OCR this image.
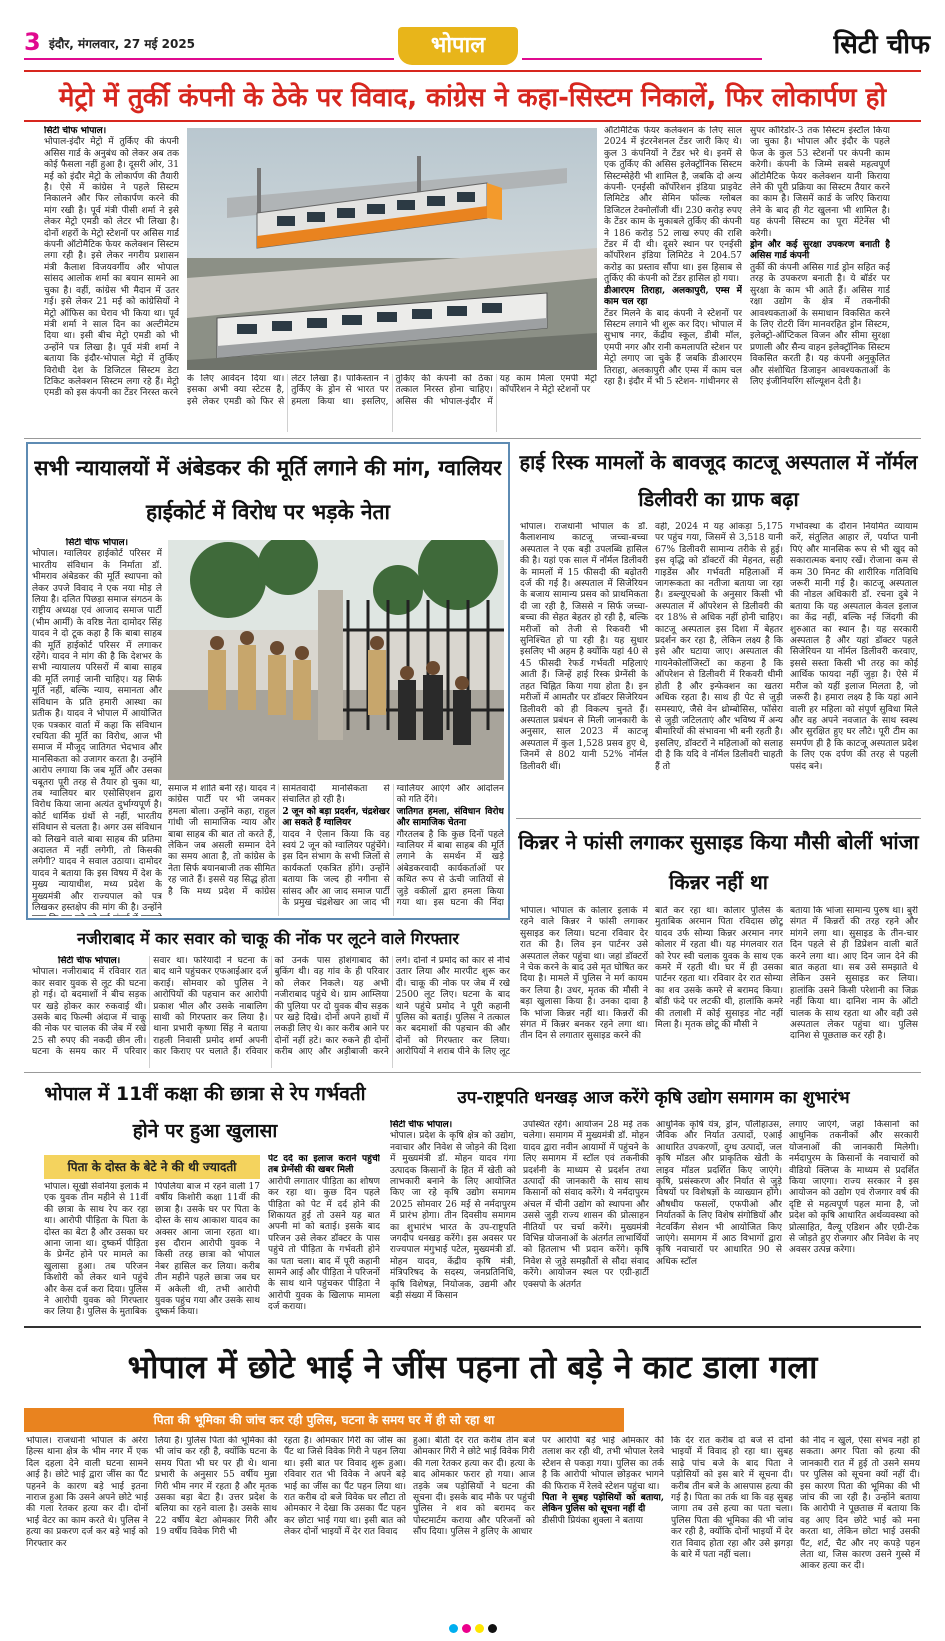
3 इंदौर, मंगलवार, 27 मई 2025	भोपाल	सिटी चीफ
मेट्रो में तुर्की कंपनी के ठेके पर विवाद, कांग्रेस ने कहा-सिस्टम निकालें, फिर लोकार्पण हो
सिटी चीफ भोपाल।
भोपाल-इंदौर मेट्रो में तुर्किए की कंपनी असिस गार्ड के अनुबंध को लेकर अब तक कोई फैसला नहीं हुआ है। दूसरी ओर, 31 मई को इंदौर मेट्रो के लोकार्पण की तैयारी है। ऐसे में कांग्रेस ने पहले सिस्टम निकालने और फिर लोकार्पण करने की मांग रखी है। पूर्व मंत्री पीसी शर्मा ने इसे लेकर मेट्रो एमडी को लेटर भी लिखा है। दोनों शहरों के मेट्रो स्टेशनों पर असिस गार्ड कंपनी ऑटोमैटिक फेयर कलेक्शन सिस्टम लगा रही है। इसे लेकर नगरीय प्रशासन मंत्री कैलाश विजयवर्गीय और भोपाल सांसद आलोक शर्मा का बयान सामने आ चुका है। वहीं, कांग्रेस भी मैदान में उतर गई। इसे लेकर 21 मई को कांग्रेसियों ने मेट्रो ऑफिस का घेराव भी किया था। पूर्व मंत्री शर्मा ने साल दिन का अल्टीमेटम दिया था। इसी बीच मेट्रो एमडी को भी उन्होंने पत्र लिखा है। पूर्व मंत्री शर्मा ने बताया कि इंदौर-भोपाल मेट्रो में तुर्किए विरोधी देश के डिजिटल सिस्टम डेटा टिकिट कलेक्शन सिस्टम लगा रहे हैं। मेट्रो एमडी को इस कंपनी का टेंडर निरस्त करने
के लिए आवेदन दिया था। इसका अभी क्या स्टेटस है, इसे लेकर एमडी को फिर से लेटर लिखा है। पाकिस्तान ने तुर्किए के ड्रोन से भारत पर हमला किया था। इसलिए, तुर्किए की कंपनी को ठेका तत्काल निरस्त होना चाहिए। असिस की भोपाल-इंदौर में यह काम मिला एमपी मेट्रो कॉर्पोरेशन ने मेट्रो स्टेशनों पर
ऑटोमैटिक फेयर कलेक्शन के लिए साल 2024 में इंटरनेशनल टेंडर जारी किए थे। कुल 3 कंपनियों ने टेंडर भरे थे। इनमें से एक तुर्किए की असिस इलेक्ट्रॉनिक सिस्टम सिस्टम्सेहेरी भी शामिल है, जबकि दो अन्य कंपनी- एनईसी कॉर्पोरेशन इंडिया प्राइवेट लिमिटेड और सेमिन फॉल्क ग्लोबल डिजिटल टेक्नोलॉजी थीं। 230 करोड़ रुपए के टेंडर काम के मुकाबले तुर्किए की कंपनी ने 186 करोड़ 52 लाख रुपए की राशि टेंडर में दी थी। दूसरे स्थान पर एनईसी कॉर्पोरेशन इंडिया लिमिटेड ने 204.57 करोड़ का प्रस्ताव सौंपा था। इस हिसाब से तुर्किए की कंपनी को टेंडर हासिल हो गया।
डीआरएम तिराहा, अलकापुरी, एम्स में काम चल रहा
टेंडर मिलने के बाद कंपनी ने स्टेशनों पर सिस्टम लगाने भी शुरू कर दिए। भोपाल में सुभाष नगर, केंद्रीय स्कूल, डीबी मॉल, एमपी नगर और रानी कमलापति स्टेशन पर मेट्रो लगाए जा चुके हैं जबकि डीआरएम तिराहा, अलकापुरी और एम्स में काम चल रहा है। इंदौर में भी 5 स्टेशन- गांधीनगर से
सुपर कॉरिडोर-3 तक सिस्टम इंस्टॉल किया जा चुका है। भोपाल और इंदौर के पहले फेज के कुल 53 स्टेशनों पर कंपनी काम करेगी। कंपनी के जिम्मे सबसे महत्वपूर्ण ऑटोमैटिक फेयर कलेक्शन यानी किराया लेने की पूरी प्रक्रिया का सिस्टम तैयार करने का काम है। जिसमें कार्ड के जरिए किराया लेने के बाद ही गेट खुलना भी शामिल है। यह कंपनी सिस्टम का पूरा मेंटेनेंस भी करेगी।
ड्रोन और कई सुरक्षा उपकरण बनाती है असिस गार्ड कंपनी
तुर्की की कंपनी असिस गार्ड ड्रोन सहित कई तरह के उपकरण बनाती है। ये बॉर्डर पर सुरक्षा के काम भी आते हैं। असिस गार्ड रक्षा उद्योग के क्षेत्र में तकनीकी आवश्यकताओं के समाधान विकसित करने के लिए रोटरी विंग मानवरहित ड्रोन सिस्टम, इलेक्ट्रो-ऑप्टिकल विजन और सीमा सुरक्षा प्रणाली और सैन्य वाहन इलेक्ट्रॉनिक सिस्टम विकसित करती है। यह कंपनी अनुकूलित और संशोधित डिजाइन आवश्यकताओं के लिए इंजीनियरिंग सॉल्यूशन देती है।
सभी न्यायालयों में अंबेडकर की मूर्ति लगाने की मांग, ग्वालियर हाईकोर्ट में विरोध पर भड़के नेता
सिटी चीफ भोपाल।
भोपाल। ग्वालियर हाईकोर्ट परिसर में भारतीय संविधान के निर्माता डॉ. भीमराव अंबेडकर की मूर्ति स्थापना को लेकर उपजे विवाद ने एक नया मोड़ ले लिया है। दलित पिछड़ा समाज संगठन के राष्ट्रीय अध्यक्ष एवं आजाद समाज पार्टी (भीम आर्मी) के वरिष्ठ नेता दामोदर सिंह यादव ने दो टूक कहा है कि बाबा साहब की मूर्ति हाईकोर्ट परिसर में लगाकर रहेंगे। यादव ने मांग की है कि देशभर के सभी न्यायालय परिसरों में बाबा साहब की मूर्ति लगाई जानी चाहिए। यह सिर्फ मूर्ति नहीं, बल्कि न्याय, समानता और संविधान के प्रति हमारी आस्था का प्रतीक है। यादव ने भोपाल में आयोजित एक पत्रकार वार्ता में कहा कि संविधान रचयिता की मूर्ति का विरोध, आज भी समाज में मौजूद जातिगत भेदभाव और मानसिकता को उजागर करता है। उन्होंने आरोप लगाया कि जब मूर्ति और उसका चबूतरा पूरी तरह से तैयार हो चुका था, तब ग्वालियर बार एसोसिएशन द्वारा विरोध किया जाना अत्यंत दुर्भाग्यपूर्ण है। कोर्ट धार्मिक ग्रंथों से नहीं, भारतीय संविधान से चलता है। अगर उस संविधान को लिखने वाले बाबा साहब की प्रतिमा अदालत में नहीं लगेगी, तो किसकी लगेगी? यादव ने सवाल उठाया। दामोदर यादव ने बताया कि इस विषय में देश के मुख्य न्यायाधीश, मध्य प्रदेश के मुख्यमंत्री और राज्यपाल को पत्र लिखकर हस्तक्षेप की मांग की है। उन्होंने
समाज में शांति बनी रहे। यादव ने कांग्रेस पार्टी पर भी जमकर हमला बोला। उन्होंने कहा, राहुल गांधी जी सामाजिक न्याय और बाबा साहब की बात तो करते हैं, लेकिन जब असली सम्मान देने का समय आता है, तो कांग्रेस के नेता सिर्फ बयानबाजी तक सीमित रह जाते हैं। इससे यह सिद्ध होता है कि मध्य प्रदेश में कांग्रेस सामंतवादी मानसिकता से संचालित हो रही है।
2 जून को बड़ा प्रदर्शन, चंद्रशेखर आ सकते हैं ग्वालियर
यादव ने ऐलान किया कि वह स्वयं 2 जून को ग्वालियर पहुंचेंगे। इस दिन संभाग के सभी जिलों से कार्यकर्ता एकत्रित होंगे। उन्होंने बताया कि जल्द ही नगीना से सांसद और आ जाद समाज पार्टी के प्रमुख चंद्रशेखर आ जाद भी ग्वालियर आएंगे और आंदोलन को गति देंगे।
जातिगत हमला, संविधान विरोध और सामाजिक चेतना
गौरतलब है कि कुछ दिनों पहले ग्वालियर में बाबा साहब की मूर्ति लगाने के समर्थन में खड़े अंबेडकरवादी कार्यकर्ताओं पर कथित रूप से ऊंची जातियों से जुड़े वकीलों द्वारा हमला किया गया था। इस घटना की निंदा
हाई रिस्क मामलों के बावजूद काटजू अस्पताल में नॉर्मल डिलीवरी का ग्राफ बढ़ा
भोपाल। राजधानी भोपाल के डॉ. कैलाशनाथ काटजू जच्चा-बच्चा अस्पताल ने एक बड़ी उपलब्धि हासिल की है। यहां एक साल में नॉर्मल डिलीवरी के मामलों में 15 फीसदी की बढ़ोतरी दर्ज की गई है। अस्पताल में सिजेरियन के बजाय सामान्य प्रसव को प्राथमिकता दी जा रही है, जिससे न सिर्फ जच्चा-बच्चा की सेहत बेहतर हो रही है, बल्कि मरीजों को तेजी से रिकवरी भी सुनिश्चित हो पा रही है। यह सुधार इसलिए भी अहम है क्योंकि यहां 40 से 45 फीसदी रेफर्ड गर्भवती महिलाएं आती हैं। जिन्हें हाई रिस्क प्रेग्नेंसी के तहत चिह्नित किया गया होता है। इन मरीजों में आमतौर पर डॉक्टर सिजेरियन डिलीवरी को ही विकल्प चुनते हैं। अस्पताल प्रबंधन से मिली जानकारी के अनुसार, साल 2023 में काटजू अस्पताल में कुल 1,528 प्रसव हुए थे, जिनमें से 802 यानी 52% नॉर्मल डिलीवरी थीं।
वहीं, 2024 में यह आंकड़ा 5,175 पर पहुंच गया, जिसमें से 3,518 यानी 67% डिलीवरी सामान्य तरीके से हुई। इस वृद्धि को डॉक्टरों की मेहनत, सही गाइडेंस और गर्भवती महिलाओं में जागरूकता का नतीजा बताया जा रहा है। डब्ल्यूएचओ के अनुसार किसी भी अस्पताल में ऑपरेशन से डिलीवरी की दर 18% से अधिक नहीं होनी चाहिए। काटजू अस्पताल इस दिशा में बेहतर प्रदर्शन कर रहा है, लेकिन लक्ष्य है कि इसे और घटाया जाए। अस्पताल की गायनेकोलॉजिस्टों का कहना है कि ऑपरेशन से डिलीवरी में रिकवरी धीमी होती है और इन्फेक्शन का खतरा अधिक रहता है। साथ ही पेट से जुड़ी समस्याएं, जैसे वेन थ्रोम्बोसिस, फॉसेरा से जुड़ी जटिलताएं और भविष्य में अन्य बीमारियों की संभावना भी बनी रहती है। इसलिए, डॉक्टरों ने महिलाओं को सलाह दी है कि यदि वे नॉर्मल डिलीवरी चाहती हैं तो
गर्भावस्था के दौरान नियमित व्यायाम करें, संतुलित आहार लें, पर्याप्त पानी पिएं और मानसिक रूप से भी खुद को सकारात्मक बनाए रखें। रोजाना कम से कम 30 मिनट की शारीरिक गतिविधि जरूरी मानी गई है। काटजू अस्पताल की नोडल अधिकारी डॉ. रचना दुबे ने बताया कि यह अस्पताल केवल इलाज का केंद्र नहीं, बल्कि नई जिंदगी की शुरुआत का स्थान है। यह सरकारी अस्पताल है और यहां डॉक्टर पहले सिजेरियन या नॉर्मल डिलीवरी करवाए, इससे सस्ता किसी भी तरह का कोई आर्थिक फायदा नहीं जुड़ा है। ऐसे में मरीज को यहीं इलाज मिलता है, जो जरूरी है। हमारा लक्ष्य है कि यहां आने वाली हर महिला को संपूर्ण सुविधा मिले और वह अपने नवजात के साथ स्वस्थ और सुरक्षित हुए घर लौटे। पूरी टीम का समर्पण ही है कि काटजू अस्पताल प्रदेश के लिए एक दर्पण की तरह से पहली पसंद बने।
किन्नर ने फांसी लगाकर सुसाइड किया मौसी बोलीं भांजा किन्नर नहीं था
भोपाल। भोपाल के कोलार इलाके में रहने वाले किन्नर ने फांसी लगाकर सुसाइड कर लिया। घटना रविवार देर रात की है। लिव इन पार्टनर उसे अस्पताल लेकर पहुंचा था। जहां डॉक्टरों ने चेक करने के बाद उसे मृत घोषित कर दिया है। मामले में पुलिस ने मर्ग कायम कर लिया है। उधर, मृतक की मौसी ने बड़ा खुलासा किया है। उनका दावा है कि भांजा किन्नर नहीं था। किन्नरों की संगत में किन्नर बनकर रहने लगा था। तीन दिन से लगातार सुसाइड करने की
बातें कर रहा था। कोलार पुलिस के मुताबिक अरमान पिता रविदास छोटू यादव उर्फ सोम्या किन्नर अरमान नगर कोलार में रहता थी। यह मंगलवार रात को रेपर स्वी चलाक युवक के साथ एक कमरे में रहती थी। घर में ही उसका पार्टनर रहता था। रविवार देर रात सोम्या का शव उसके कमरे से बरामद किया। बॉडी फंदे पर लटकी थी, हालांकि कमरे की तलाशी में कोई सुसाइड नोट नहीं मिला है। मृतक छोटू की मौसी ने
बताया कि भांजा सामान्य पुरुष था। बुरी संगत में किन्नरों की तरह रहने और मांगने लगा था। सुसाइड के तीन-चार दिन पहले से ही डिप्रेशन वाली बातें करने लगा था। आए दिन जान देने की बात कहता था। सब उसे समझाते थे लेकिन उसने सुसाइड कर लिया। हालांकि उसने किसी परेशानी का जिक्र नहीं किया था। दानिश नाम के ऑटो चालक के साथ रहता था और वही उसे अस्पताल लेकर पहुंचा था। पुलिस दानिश से पूछताछ कर रही है।
नजीराबाद में कार सवार को चाकू की नोंक पर लूटने वाले गिरफ्तार
सिटी चीफ भोपाल।
भोपाल। नजीराबाद में रविवार रात कार सवार युवक से लूट की घटना हो गई। दो बदमाशों ने बीच सड़क पर खड़े होकर कार रुकवाई थी। उसके बाद फिल्मी अंदाज में चाकू की नोक पर चालक की जेब में रखे 25 सौ रुपए की नकदी छीन ली। घटना के समय कार में परिवार सवार था। फरियादी ने घटना के बाद थाने पहुंचकर एफआईआर दर्ज कराई। सोमवार को पुलिस ने आरोपियों की पहचान कर आरोपी प्रकाश भील और उसके नाबालिग साथी को गिरफ्तार कर लिया है। थाना प्रभारी कृष्णा सिंह ने बताया राहली निवासी प्रमोद शर्मा अपनी कार किराए पर चलाते हैं। रविवार को उनके पास होशंगाबाद की बुकिंग थी। वह गांव के ही परिवार को लेकर निकले। यह अभी नजीराबाद पहुंचे थे। ग्राम आम्लिया की पुलिया पर दो युवक बीच सड़क पर खड़े दिखे। दोनों अपने हाथों में लकड़ी लिए थे। कार करीब आने पर दोनों नहीं हटे। कार रुकने ही दोनों करीब आए और अड़ीबाजी करने लगे। दोनों ने प्रमोद को कार से नीचे उतार लिया और मारपीट शुरू कर दी। चाकू की नोक पर जेब में रखे 2500 लूट लिए। घटना के बाद थाने पहुंचे प्रमोद ने पूरी कहानी पुलिस को बताई। पुलिस ने तत्काल कर बदमाशों की पहचान की और दोनों को गिरफ्तार कर लिया। आरोपियों ने शराब पीने के लिए लूट
भोपाल में 11वीं कक्षा की छात्रा से रेप गर्भवती होने पर हुआ खुलासा
पिता के दोस्त के बेटे ने की थी ज्यादती
भोपाल। सूखी सेवनिया इलाके में एक युवक तीन महीने से 11वीं की छात्रा के साथ रेप कर रहा था। आरोपी पीड़िता के पिता के दोस्त का बेटा है और उसका घर आना जाना था। दुष्कर्म पीड़िता के प्रेग्नेंट होने पर मामले का खुलासा हुआ। तब परिजन किशोरी को लेकर थाने पहुंचे और केस दर्ज करा दिया। पुलिस ने आरोपी युवक को गिरफ्तार कर लिया है। पुलिस के मुताबिक
पिपलिया बाज में रहने वाली 17 वर्षीय किशोरी कक्षा 11वीं की छात्रा है। उसके घर पर पिता के दोस्त के साथ आकाश यादव का अक्सर आना जाना रहता था। इस दौरान आरोपी युवक ने किसी तरह छात्रा को भोपाल नेबर हासिल कर लिया। करीब तीन महीने पहले छात्रा जब घर में अकेली थी, तभी आरोपी युवक पहुंच गया और उसके साथ दुष्कर्म किया।
पेट दर्द का इलाज कराने पहुंची तब प्रेग्नेंसी की खबर मिली
आरोपी लगातार पीड़िता का शोषण कर रहा था। कुछ दिन पहले पीड़िता को पेट में दर्द होने की शिकायत हुई तो उसने यह बात अपनी मां को बताई। इसके बाद परिजन उसे लेकर डॉक्टर के पास पहुंचे तो पीड़िता के गर्भवती होने का पता चला। बाद में पूरी कहानी सामने आई और पीड़िता ने परिजनों के साथ थाने पहुंचकर पीड़िता ने आरोपी युवक के खिलाफ मामला दर्ज कराया।
उप-राष्ट्रपति धनखड़ आज करेंगे कृषि उद्योग समागम का शुभारंभ
सिटी चीफ भोपाल।
भोपाल। प्रदेश के कृषि क्षेत्र को उद्योग, नवाचार और निवेश से जोड़ने की दिशा में मुख्यमंत्री डॉ. मोहन यादव गंगा उत्पादक किसानों के हित में खेती को लाभकारी बनाने के लिए आयोजित किए जा रहे कृषि उद्योग समागम 2025 सोमवार 26 मई से नर्मदापुरम में प्रारंभ होगा। तीन दिवसीय समागम का शुभारंभ भारत के उप-राष्ट्रपति जगदीप धनखड़ करेंगे। इस अवसर पर राज्यपाल मंगुभाई पटेल, मुख्यमंत्री डॉ. मोहन यादव, केंद्रीय कृषि मंत्री, मंत्रिपरिषद के सदस्य, जनप्रतिनिधि, कृषि विशेषज्ञ, नियोजक, उद्यमी और बड़ी संख्या में किसान
उपस्थित रहेंगे। आयोजन 28 मई तक चलेगा। समागम में मुख्यमंत्री डॉ. मोहन यादव द्वारा नवीन आयामों में पहुंचने के लिए समागम में स्टॉल एवं तकनीकी प्रदर्शनी के माध्यम से प्रदर्शन तथा उत्पादों की जानकारी के साथ साथ किसानों को संवाद करेंगे। ये नर्मदापुरम अंचल में चीनी उद्योग को स्थापना और उससे जुड़ी राज्य शासन की प्रोत्साहन नीतियों पर चर्चा करेंगे। मुख्यमंत्री विभिन्न योजनाओं के अंतर्गत लाभार्थियों को हितलाभ भी प्रदान करेंगे। कृषि निवेश से जुड़े समझौतों से सौदा संवाद करेंगे। आयोजन स्थल पर एग्री-हार्टी एक्सपो के अंतर्गत
आधुनिक कृषि यंत्र, ड्रोन, पॉलीहाउस, जैविक और निर्यात उत्पादों, एआई आधारित उपकरणों, दुग्ध उत्पादों, जल कृषि मॉडल और प्राकृतिक खेती के लाइव मॉडल प्रदर्शित किए जाएंगे। कृषि, प्रसंस्करण और निर्यात से जुड़े विषयों पर विशेषज्ञों के व्याख्यान होंगे। औषधीय फसलों, एफपीओ और निर्यातकों के लिए विशेष संगोष्ठियों और नेटवर्किंग सेशन भी आयोजित किए जाएंगे। समागम में आठ विभागों द्वारा कृषि नवाचारों पर आधारित 90 से अधिक स्टॉल
लगाए जाएंगे, जहां किसानों को आधुनिक तकनीकों और सरकारी योजनाओं की जानकारी मिलेगी। नर्मदापुरम के किसानों के नवाचारों को वीडियो क्लिप्स के माध्यम से प्रदर्शित किया जाएगा। राज्य सरकार ने इस आयोजन को उद्योग एवं रोजगार वर्ष की दृष्टि से महत्वपूर्ण पहल माना है, जो प्रदेश को कृषि आधारित अर्थव्यवस्था को प्रोत्साहित, वैल्यू एडिशन और एग्री-टेक से जोड़ते हुए रोजगार और निवेश के नए अवसर उत्पन्न करेगा।
भोपाल में छोटे भाई ने जींस पहना तो बड़े ने काट डाला गला
पिता की भूमिका की जांच कर रही पुलिस, घटना के समय घर में ही सो रहा था
भोपाल। राजधानी भोपाल के अरेरा हिल्स थाना क्षेत्र के भीम नगर में एक दिल दहला देने वाली घटना सामने आई है। छोटे भाई द्वारा जींस का पैंट पहनने के कारण बड़े भाई इतना नाराज हुआ कि उसने अपने छोटे भाई की गला रेतकर हत्या कर दी। दोनों भाई वेटर का काम करते थे। पुलिस ने हत्या का प्रकरण दर्ज कर बड़े भाई को गिरफ्तार कर
लिया है। पुलिस पिता की भूमिका की भी जांच कर रही है, क्योंकि घटना के समय पिता भी घर पर ही थे। थाना प्रभारी के अनुसार 55 वर्षीय मुन्ना गिरी भीम नगर में रहता है और मृतक उसका बड़ा बेटा है। उत्तर प्रदेश के बलिया का रहने वाला है। उसके साथ 22 वर्षीय बेटा ओमकार गिरी और 19 वर्षीय विवेक गिरी भी
रहता है। ओमकार गिरी का जींस का पैंट था जिसे विवेक गिरी ने पहन लिया था। इसी बात पर विवाद शुरू हुआ। रविवार रात भी विवेक ने अपने बड़े भाई का जींस का पैंट पहन लिया था। रात करीब दो बजे विवेक घर लौटा तो ओमकार ने देखा कि उसका पैंट पहन कर छोटा भाई गया था। इसी बात को लेकर दोनों भाइयों में देर रात विवाद
हुआ। बीती देर रात करीब तीन बजे ओमकार गिरी ने छोटे भाई विवेक गिरी की गला रेतकर हत्या कर दी। हत्या के बाद ओमकार फरार हो गया। आज तड़के जब पड़ोसियों ने घटना की सूचना दी। इसके बाद मौके पर पहुंची पुलिस ने शव को बरामद कर पोस्टमार्टम कराया और परिजनों को सौंप दिया। पुलिस ने हुलिए के आधार
पर आरोपी बड़े भाई ओमकार की तलाश कर रही थी, तभी भोपाल रेलवे स्टेशन से पकड़ा गया। पुलिस का तर्क है कि आरोपी भोपाल छोड़कर भागने की फिराक में रेलवे स्टेशन पहुंचा था।
पिता ने सुबह पड़ोसियों को बताया, लेकिन पुलिस को सूचना नहीं दी
डीसीपी प्रियंका शुक्ला ने बताया
कि देर रात करीब दो बजे से दोनों भाइयों में विवाद हो रहा था। सुबह साढ़े पांच बजे के बाद पिता ने पड़ोसियों को इस बारे में सूचना दी। करीब तीन बजे के आसपास हत्या की गई है। पिता का तर्क था कि वह सुबह जागा तब उसे हत्या का पता चला। पुलिस पिता की भूमिका की भी जांच कर रही है, क्योंकि दोनों भाइयों में देर रात विवाद होता रहा और उसे झगड़ा के बारे में पता नहीं चला।
की नींद न खुले, ऐसा संभव नहीं हो सकता। अगर पिता को हत्या की जानकारी रात में हुई तो उसने समय पर पुलिस को सूचना क्यों नहीं दी। इस कारण पिता की भूमिका की भी जांच की जा रही है। उन्होंने बताया कि आरोपी ने पूछताछ में बताया कि वह आए दिन छोटे भाई को मना करता था, लेकिन छोटा भाई उसकी पैंट, शर्ट, चैट और नए कपड़े पहन लेता था, जिस कारण उसने गुस्से में आकर हत्या कर दी।
